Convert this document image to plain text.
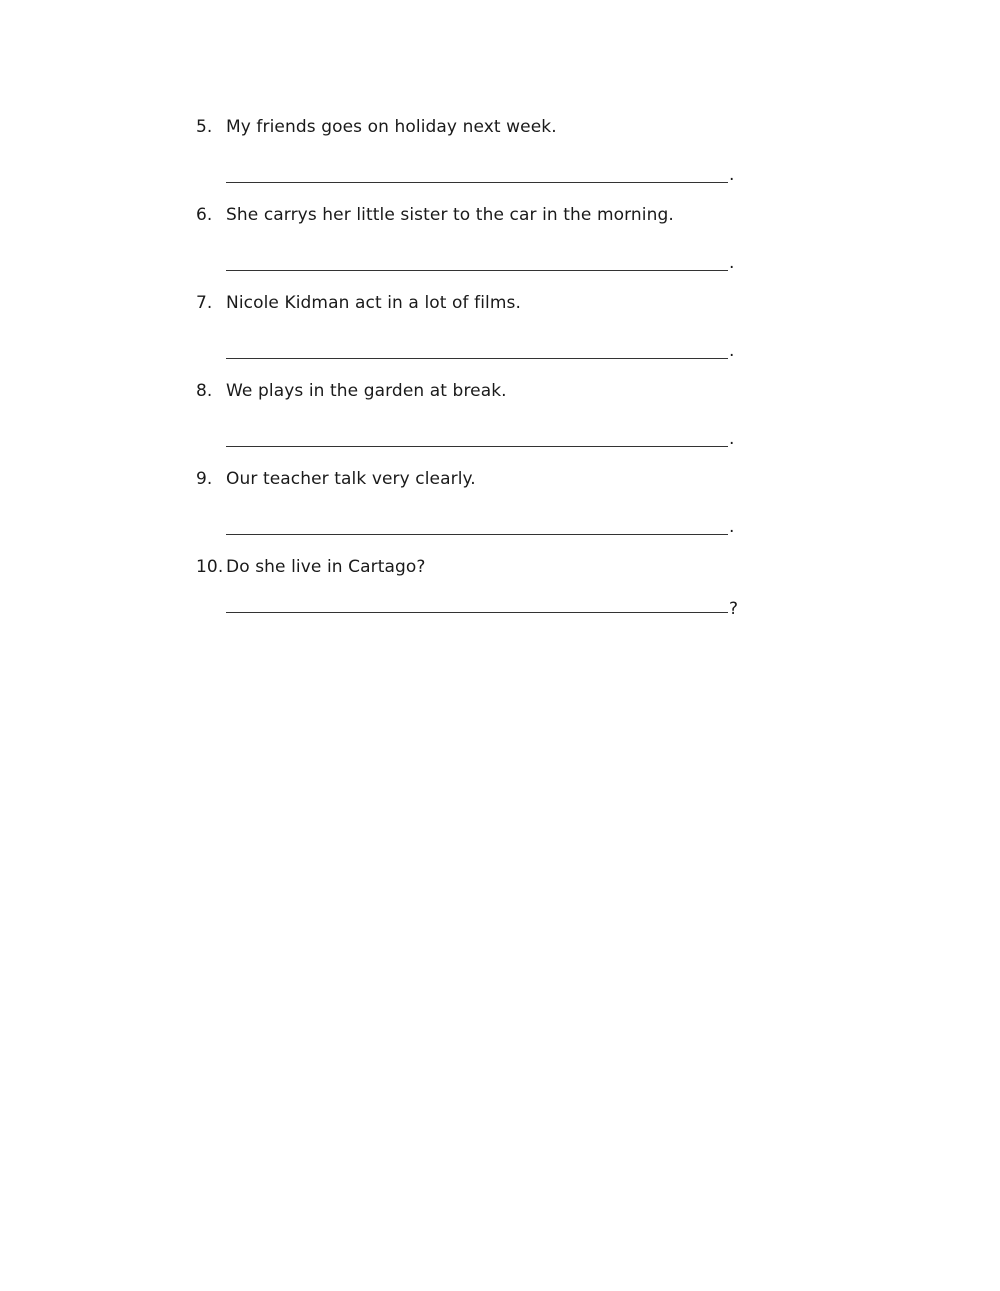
5. My friends goes on holiday next week.
.
6. She carrys her little sister to the car in the morning.
.
7. Nicole Kidman act in a lot of films.
.
8. We plays in the garden at break.
.
9. Our teacher talk very clearly.
.
10. Do she live in Cartago?
?
